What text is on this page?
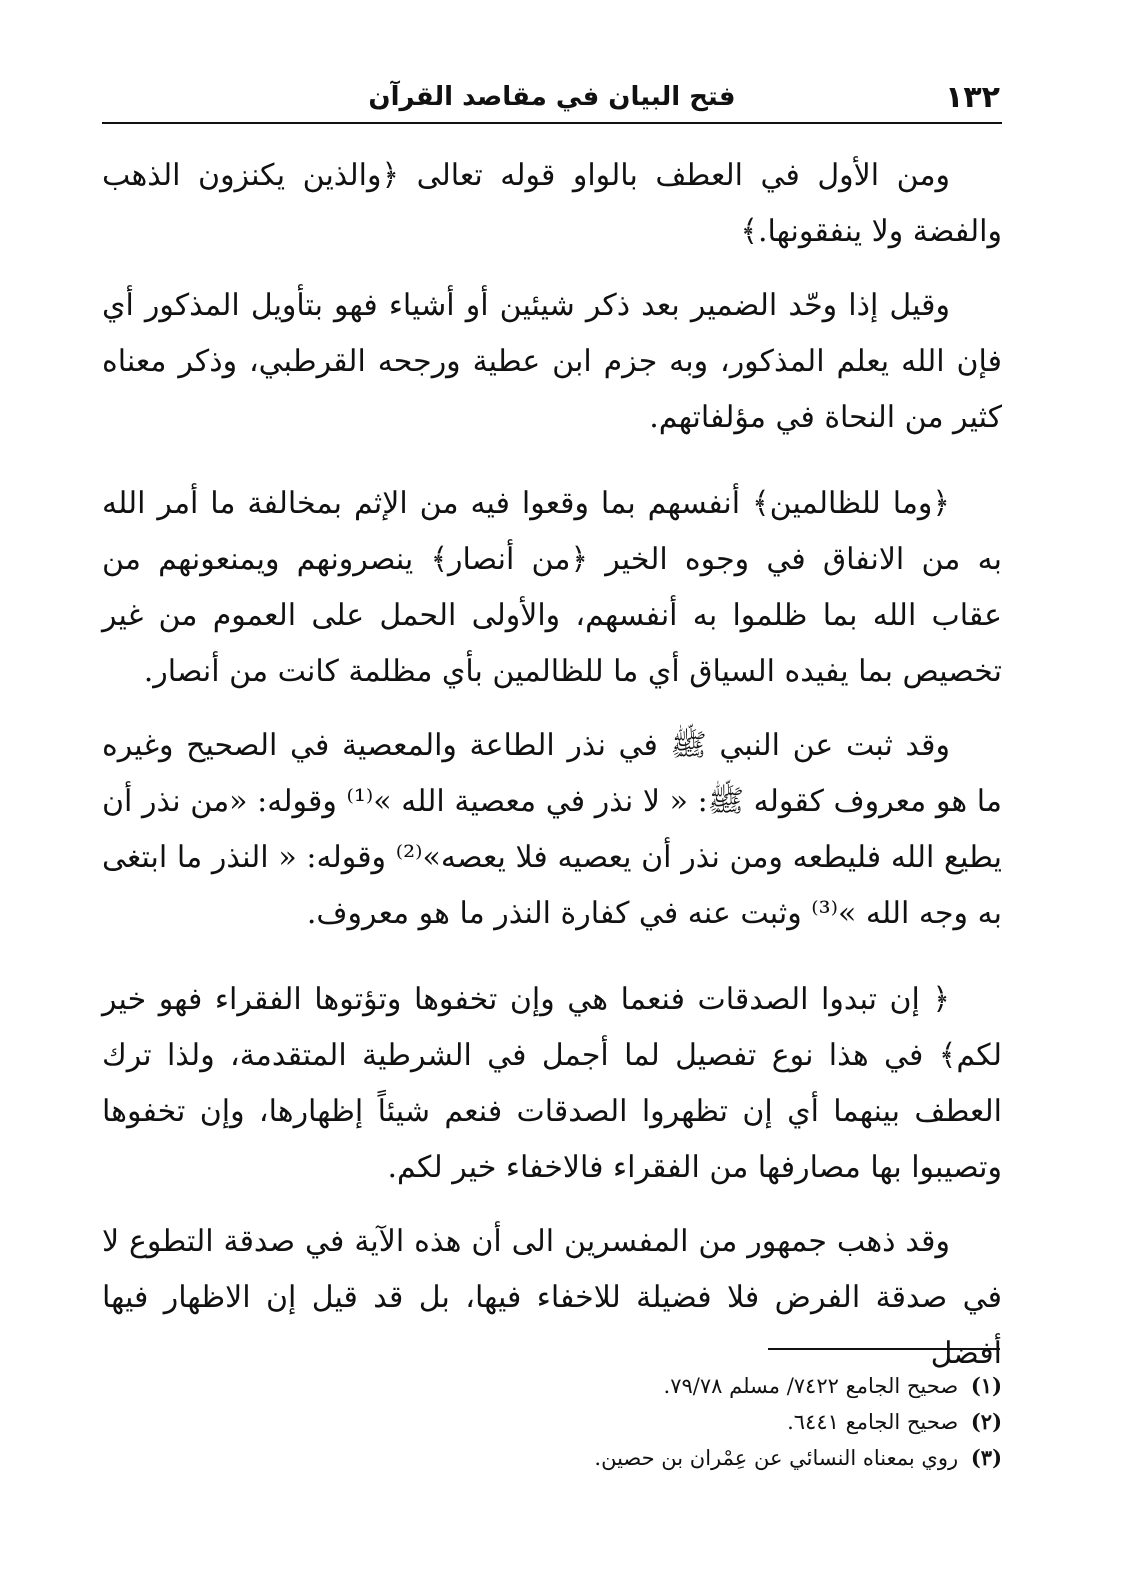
١٣٢
فتح البيان في مقاصد القرآن

ومن الأول في العطف بالواو قوله تعالى ﴿والذين يكنزون الذهب والفضة ولا ينفقونها.﴾

وقيل إذا وحّد الضمير بعد ذكر شيئين أو أشياء فهو بتأويل المذكور أي فإن الله يعلم المذكور، وبه جزم ابن عطية ورجحه القرطبي، وذكر معناه كثير من النحاة في مؤلفاتهم.

﴿وما للظالمين﴾ أنفسهم بما وقعوا فيه من الإثم بمخالفة ما أمر الله به من الانفاق في وجوه الخير ﴿من أنصار﴾ ينصرونهم ويمنعونهم من عقاب الله بما ظلموا به أنفسهم، والأولى الحمل على العموم من غير تخصيص بما يفيده السياق أي ما للظالمين بأي مظلمة كانت من أنصار.

وقد ثبت عن النبي ﷺ في نذر الطاعة والمعصية في الصحيح وغيره ما هو معروف كقوله ﷺ: « لا نذر في معصية الله »⁽¹⁾ وقوله: «من نذر أن يطيع الله فليطعه ومن نذر أن يعصيه فلا يعصه»⁽²⁾ وقوله: « النذر ما ابتغى به وجه الله »⁽³⁾ وثبت عنه في كفارة النذر ما هو معروف.

﴿ إن تبدوا الصدقات فنعما هي وإن تخفوها وتؤتوها الفقراء فهو خير لكم﴾ في هذا نوع تفصيل لما أجمل في الشرطية المتقدمة، ولذا ترك العطف بينهما أي إن تظهروا الصدقات فنعم شيئاً إظهارها، وإن تخفوها وتصيبوا بها مصارفها من الفقراء فالاخفاء خير لكم.

وقد ذهب جمهور من المفسرين الى أن هذه الآية في صدقة التطوع لا في صدقة الفرض فلا فضيلة للاخفاء فيها، بل قد قيل إن الاظهار فيها أفضل

(١) صحيح الجامع ٧٤٢٢/ مسلم ٧٩/٧٨.
(٢) صحيح الجامع ٦٤٤١.
(٣) روي بمعناه النسائي عن عِمْران بن حصين.
